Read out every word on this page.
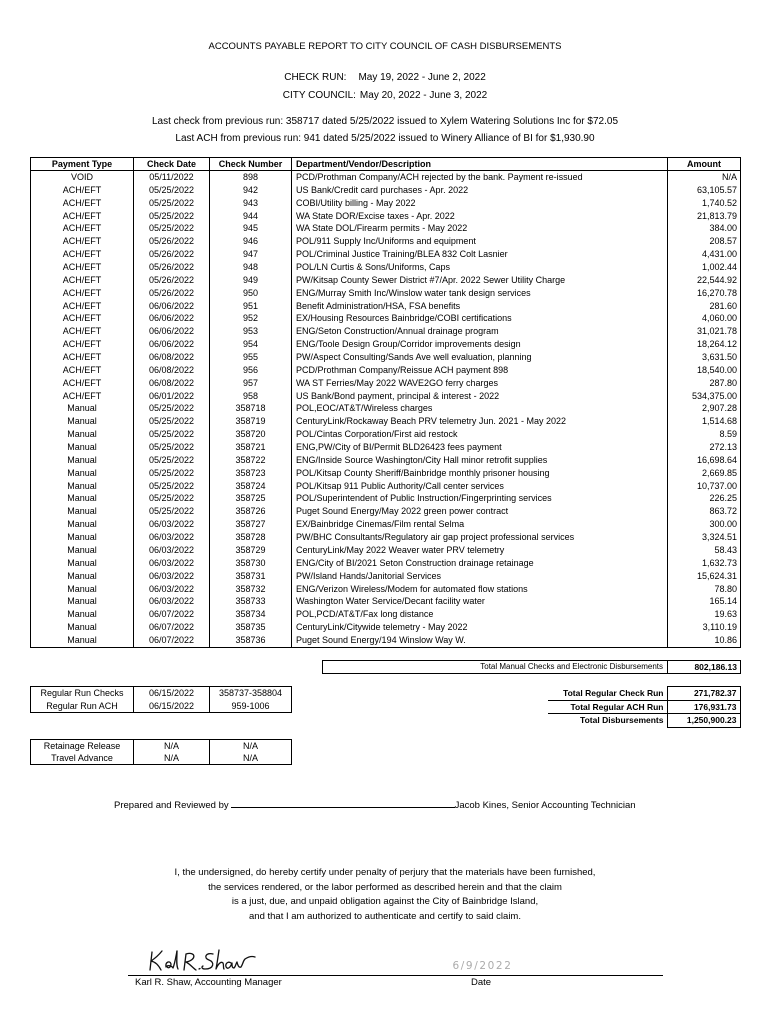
ACCOUNTS PAYABLE REPORT TO CITY COUNCIL OF CASH DISBURSEMENTS
CHECK RUN: May 19, 2022 - June 2, 2022
CITY COUNCIL: May 20, 2022 - June 3, 2022
Last check from previous run: 358717 dated 5/25/2022 issued to Xylem Watering Solutions Inc for $72.05
Last ACH from previous run: 941 dated 5/25/2022 issued to Winery Alliance of BI for $1,930.90
Payment Type	Check Date	Check Number	Department/Vendor/Description	Amount
VOID	05/11/2022	898	PCD/Prothman Company/ACH rejected by the bank. Payment re-issued	N/A
ACH/EFT	05/25/2022	942	US Bank/Credit card purchases - Apr. 2022	63,105.57
ACH/EFT	05/25/2022	943	COBI/Utility billing - May 2022	1,740.52
ACH/EFT	05/25/2022	944	WA State DOR/Excise taxes - Apr. 2022	21,813.79
ACH/EFT	05/25/2022	945	WA State DOL/Firearm permits - May 2022	384.00
ACH/EFT	05/26/2022	946	POL/911 Supply Inc/Uniforms and equipment	208.57
ACH/EFT	05/26/2022	947	POL/Criminal Justice Training/BLEA 832 Colt Lasnier	4,431.00
ACH/EFT	05/26/2022	948	POL/LN Curtis & Sons/Uniforms, Caps	1,002.44
ACH/EFT	05/26/2022	949	PW/Kitsap County Sewer District #7/Apr. 2022 Sewer Utility Charge	22,544.92
ACH/EFT	05/26/2022	950	ENG/Murray Smith Inc/Winslow water tank design services	16,270.78
ACH/EFT	06/06/2022	951	Benefit Administration/HSA, FSA benefits	281.60
ACH/EFT	06/06/2022	952	EX/Housing Resources Bainbridge/COBI certifications	4,060.00
ACH/EFT	06/06/2022	953	ENG/Seton Construction/Annual drainage program	31,021.78
ACH/EFT	06/06/2022	954	ENG/Toole Design Group/Corridor improvements design	18,264.12
ACH/EFT	06/08/2022	955	PW/Aspect Consulting/Sands Ave well evaluation, planning	3,631.50
ACH/EFT	06/08/2022	956	PCD/Prothman Company/Reissue ACH payment 898	18,540.00
ACH/EFT	06/08/2022	957	WA ST Ferries/May 2022 WAVE2GO ferry charges	287.80
ACH/EFT	06/01/2022	958	US Bank/Bond payment, principal & interest - 2022	534,375.00
Manual	05/25/2022	358718	POL,EOC/AT&T/Wireless charges	2,907.28
Manual	05/25/2022	358719	CenturyLink/Rockaway Beach PRV telemetry Jun. 2021 - May 2022	1,514.68
Manual	05/25/2022	358720	POL/Cintas Corporation/First aid restock	8.59
Manual	05/25/2022	358721	ENG,PW/City of BI/Permit BLD26423 fees payment	272.13
Manual	05/25/2022	358722	ENG/Inside Source Washington/City Hall minor retrofit supplies	16,698.64
Manual	05/25/2022	358723	POL/Kitsap County Sheriff/Bainbridge monthly prisoner housing	2,669.85
Manual	05/25/2022	358724	POL/Kitsap 911 Public Authority/Call center services	10,737.00
Manual	05/25/2022	358725	POL/Superintendent of Public Instruction/Fingerprinting services	226.25
Manual	05/25/2022	358726	Puget Sound Energy/May 2022 green power contract	863.72
Manual	06/03/2022	358727	EX/Bainbridge Cinemas/Film rental Selma	300.00
Manual	06/03/2022	358728	PW/BHC Consultants/Regulatory air gap project professional services	3,324.51
Manual	06/03/2022	358729	CenturyLink/May 2022 Weaver water PRV telemetry	58.43
Manual	06/03/2022	358730	ENG/City of BI/2021 Seton Construction drainage retainage	1,632.73
Manual	06/03/2022	358731	PW/Island Hands/Janitorial Services	15,624.31
Manual	06/03/2022	358732	ENG/Verizon Wireless/Modem for automated flow stations	78.80
Manual	06/03/2022	358733	Washington Water Service/Decant facility water	165.14
Manual	06/07/2022	358734	POL,PCD/AT&T/Fax long distance	19.63
Manual	06/07/2022	358735	CenturyLink/Citywide telemetry - May 2022	3,110.19
Manual	06/07/2022	358736	Puget Sound Energy/194 Winslow Way W.	10.86
Total Manual Checks and Electronic Disbursements	802,186.13
Regular Run Checks	06/15/2022	358737-358804
Regular Run ACH	06/15/2022	959-1006
Total Regular Check Run	271,782.37
Total Regular ACH Run	176,931.73
Total Disbursements	1,250,900.23
Retainage Release	N/A	N/A
Travel Advance	N/A	N/A
Prepared and Reviewed by	Jacob Kines, Senior Accounting Technician
I, the undersigned, do hereby certify under penalty of perjury that the materials have been furnished,
the services rendered, or the labor performed as described herein and that the claim
is a just, due, and unpaid obligation against the City of Bainbridge Island,
and that I am authorized to authenticate and certify to said claim.
6/9/2022
Karl R. Shaw, Accounting Manager	Date
